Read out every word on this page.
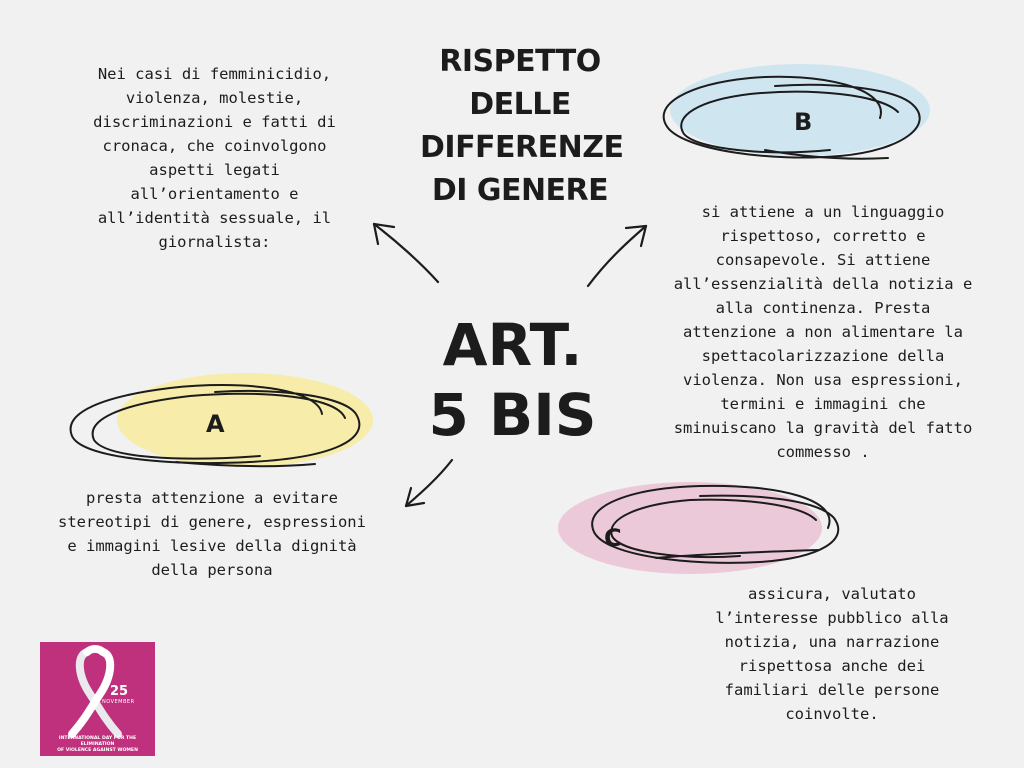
RISPETTO
DELLE
DIFFERENZE
DI GENERE
ART.
5 BIS

Nei casi di femminicidio,
violenza, molestie,
discriminazioni e fatti di
cronaca, che coinvolgono
aspetti legati
all’orientamento e
all’identità sessuale, il
giornalista:

A
B
C

si attiene a un linguaggio
rispettoso, corretto e
consapevole. Si attiene
all’essenzialità della notizia e
alla continenza. Presta
attenzione a non alimentare la
spettacolarizzazione della
violenza. Non usa espressioni,
termini e immagini che
sminuiscano la gravità del fatto
commesso .

presta attenzione a evitare
stereotipi di genere, espressioni
e immagini lesive della dignità
della persona

assicura, valutato
l’interesse pubblico alla
notizia, una narrazione
rispettosa anche dei
familiari delle persone
coinvolte.

25
NOVEMBER
INTERNATIONAL DAY FOR THE ELIMINATION
OF VIOLENCE AGAINST WOMEN
